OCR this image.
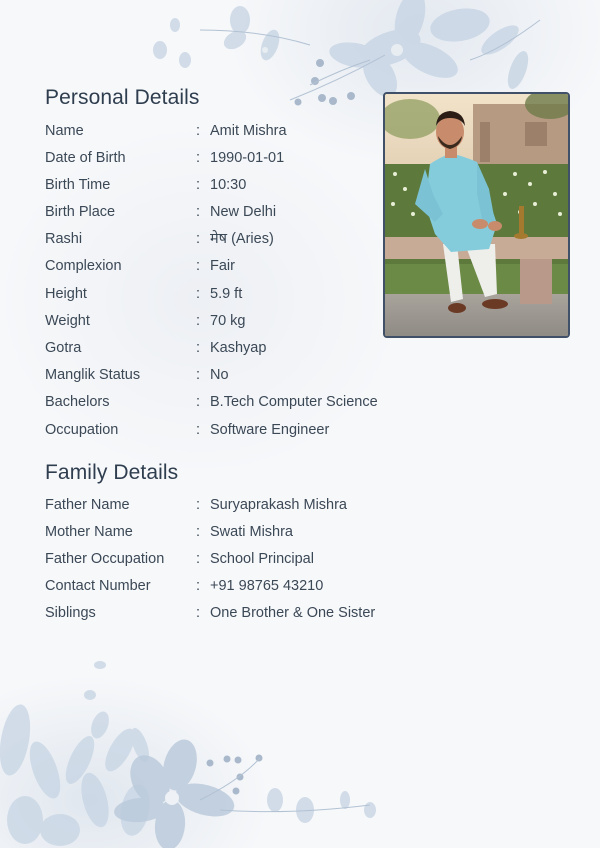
Personal Details
Name	: Amit Mishra
Date of Birth	: 1990-01-01
Birth Time	: 10:30
Birth Place	: New Delhi
Rashi	: मेष (Aries)
Complexion	: Fair
Height	: 5.9 ft
Weight	: 70 kg
Gotra	: Kashyap
Manglik Status	: No
Bachelors	: B.Tech Computer Science
Occupation	: Software Engineer
Family Details
Father Name	: Suryaprakash Mishra
Mother Name	: Swati Mishra
Father Occupation : School Principal
Contact Number	: +91 98765 43210
Siblings	: One Brother & One Sister
